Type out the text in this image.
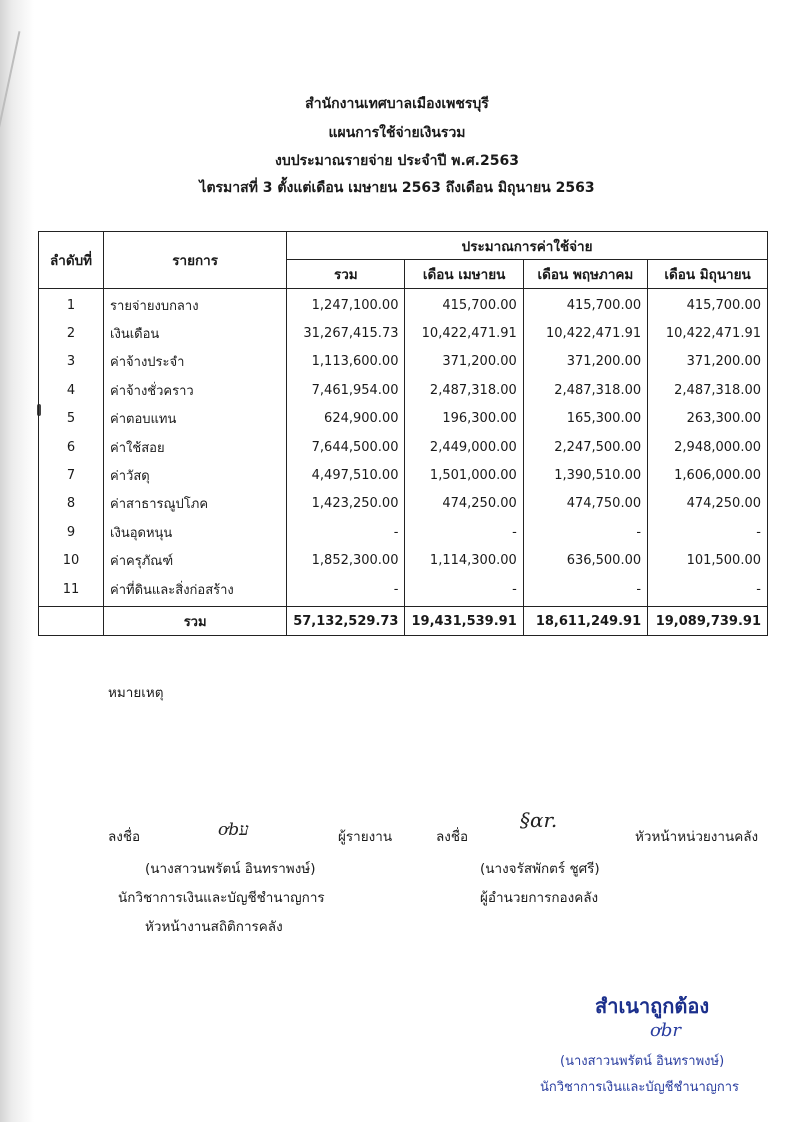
สำนักงานเทศบาลเมืองเพชรบุรี
แผนการใช้จ่ายเงินรวม
งบประมาณรายจ่าย ประจำปี พ.ศ.2563
ไตรมาสที่ 3 ตั้งแต่เดือน เมษายน 2563 ถึงเดือน มิถุนายน 2563
ลำดับที่	รายการ	ประมาณการค่าใช้จ่าย			
		รวม	เดือน เมษายน	เดือน พฤษภาคม	เดือน มิถุนายน
1	รายจ่ายงบกลาง	1,247,100.00	415,700.00	415,700.00	415,700.00
2	เงินเดือน	31,267,415.73	10,422,471.91	10,422,471.91	10,422,471.91
3	ค่าจ้างประจำ	1,113,600.00	371,200.00	371,200.00	371,200.00
4	ค่าจ้างชั่วคราว	7,461,954.00	2,487,318.00	2,487,318.00	2,487,318.00
5	ค่าตอบแทน	624,900.00	196,300.00	165,300.00	263,300.00
6	ค่าใช้สอย	7,644,500.00	2,449,000.00	2,247,500.00	2,948,000.00
7	ค่าวัสดุ	4,497,510.00	1,501,000.00	1,390,510.00	1,606,000.00
8	ค่าสาธารณูปโภค	1,423,250.00	474,250.00	474,750.00	474,250.00
9	เงินอุดหนุน	-	-	-	-
10	ค่าครุภัณฑ์	1,852,300.00	1,114,300.00	636,500.00	101,500.00
11	ค่าที่ดินและสิ่งก่อสร้าง	-	-	-	-
	รวม	57,132,529.73	19,431,539.91	18,611,249.91	19,089,739.91
หมายเหตุ
ลงชื่อ	ơbע	ผู้รายงาน
(นางสาวนพรัตน์ อินทราพงษ์)
นักวิชาการเงินและบัญชีชำนาญการ
หัวหน้างานสถิติการคลัง
ลงชื่อ
§ɑr.
หัวหน้าหน่วยงานคลัง
(นางจรัสพักตร์ ชูศรี)
ผู้อำนวยการกองคลัง
สำเนาถูกต้อง
ơbr
(นางสาวนพรัตน์ อินทราพงษ์)
นักวิชาการเงินและบัญชีชำนาญการ
